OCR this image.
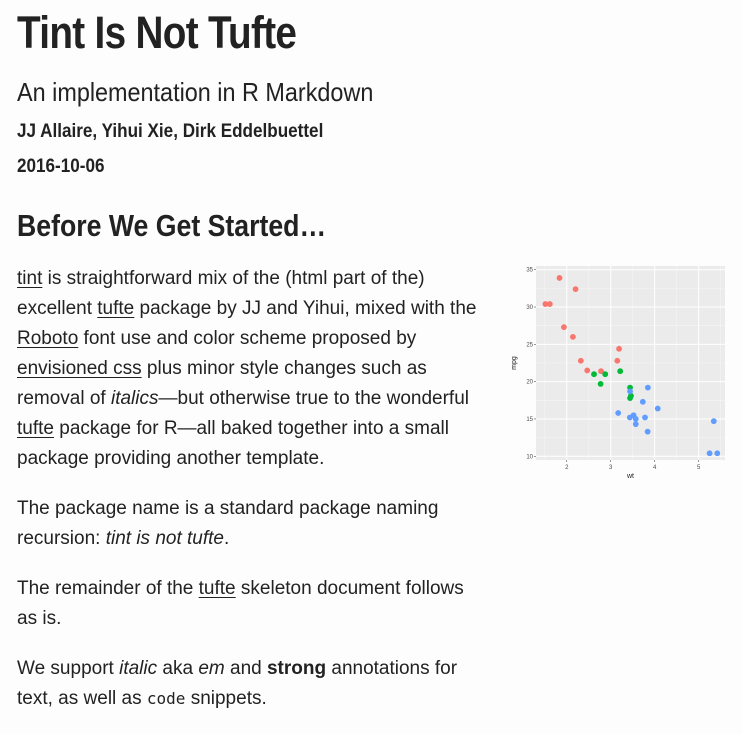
Tint Is Not Tufte
An implementation in R Markdown
JJ Allaire, Yihui Xie, Dirk Eddelbuettel
2016-10-06
Before We Get Started…

tint is straightforward mix of the (html part of the) excellent tufte package by JJ and Yihui, mixed with the Roboto font use and color scheme proposed by envisioned css plus minor style changes such as removal of italics—but otherwise true to the wonderful tufte package for R—all baked together into a small package providing another template.

The package name is a standard package naming recursion: tint is not tufte.

The remainder of the tufte skeleton document follows as is.

We support italic aka em and strong annotations for text, as well as code snippets.

2	3	4	5
10
15
20
25
30
35
wt
mpg
